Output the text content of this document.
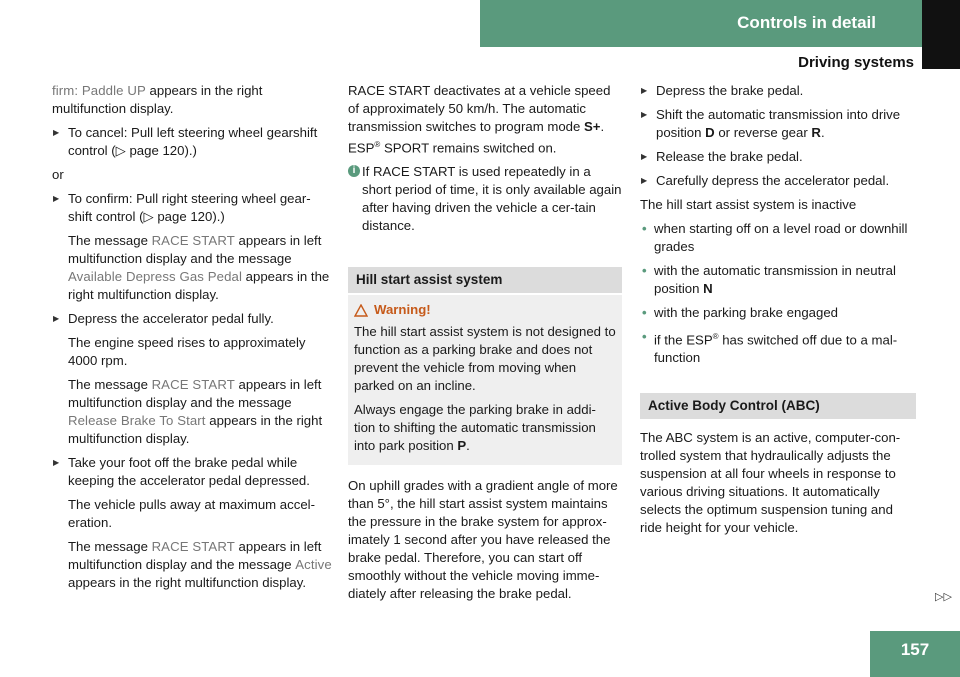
Controls in detail
Driving systems

firm: Paddle UP appears in the right multifunction display.

▶ To cancel: Pull left steering wheel gearshift control (▷ page 120).)

or

▶ To confirm: Pull right steering wheel gear-shift control (▷ page 120).)
The message RACE START appears in left multifunction display and the message Available Depress Gas Pedal appears in the right multifunction display.
▶ Depress the accelerator pedal fully.
The engine speed rises to approximately 4000 rpm.
The message RACE START appears in left multifunction display and the message Release Brake To Start appears in the right multifunction display.
▶ Take your foot off the brake pedal while keeping the accelerator pedal depressed.
The vehicle pulls away at maximum accel-eration.
The message RACE START appears in left multifunction display and the message Active appears in the right multifunction display.

RACE START deactivates at a vehicle speed of approximately 50 km/h. The automatic transmission switches to program mode S+. ESP® SPORT remains switched on.

i If RACE START is used repeatedly in a short period of time, it is only available again after having driven the vehicle a cer-tain distance.
Hill start assist system
Warning!

The hill start assist system is not designed to function as a parking brake and does not prevent the vehicle from moving when parked on an incline.

Always engage the parking brake in addi-tion to shifting the automatic transmission into park position P.

On uphill grades with a gradient angle of more than 5°, the hill start assist system maintains the pressure in the brake system for approx-imately 1 second after you have released the brake pedal. Therefore, you can start off smoothly without the vehicle moving imme-diately after releasing the brake pedal.

▶ Depress the brake pedal.
▶ Shift the automatic transmission into drive position D or reverse gear R.
▶ Release the brake pedal.
▶ Carefully depress the accelerator pedal.

The hill start assist system is inactive

• when starting off on a level road or downhill grades
• with the automatic transmission in neutral position N
• with the parking brake engaged
• if the ESP® has switched off due to a mal-function
Active Body Control (ABC)

The ABC system is an active, computer-con-trolled system that hydraulically adjusts the suspension at all four wheels in response to various driving situations. It automatically selects the optimum suspension tuning and ride height for your vehicle.

▷▷
157
